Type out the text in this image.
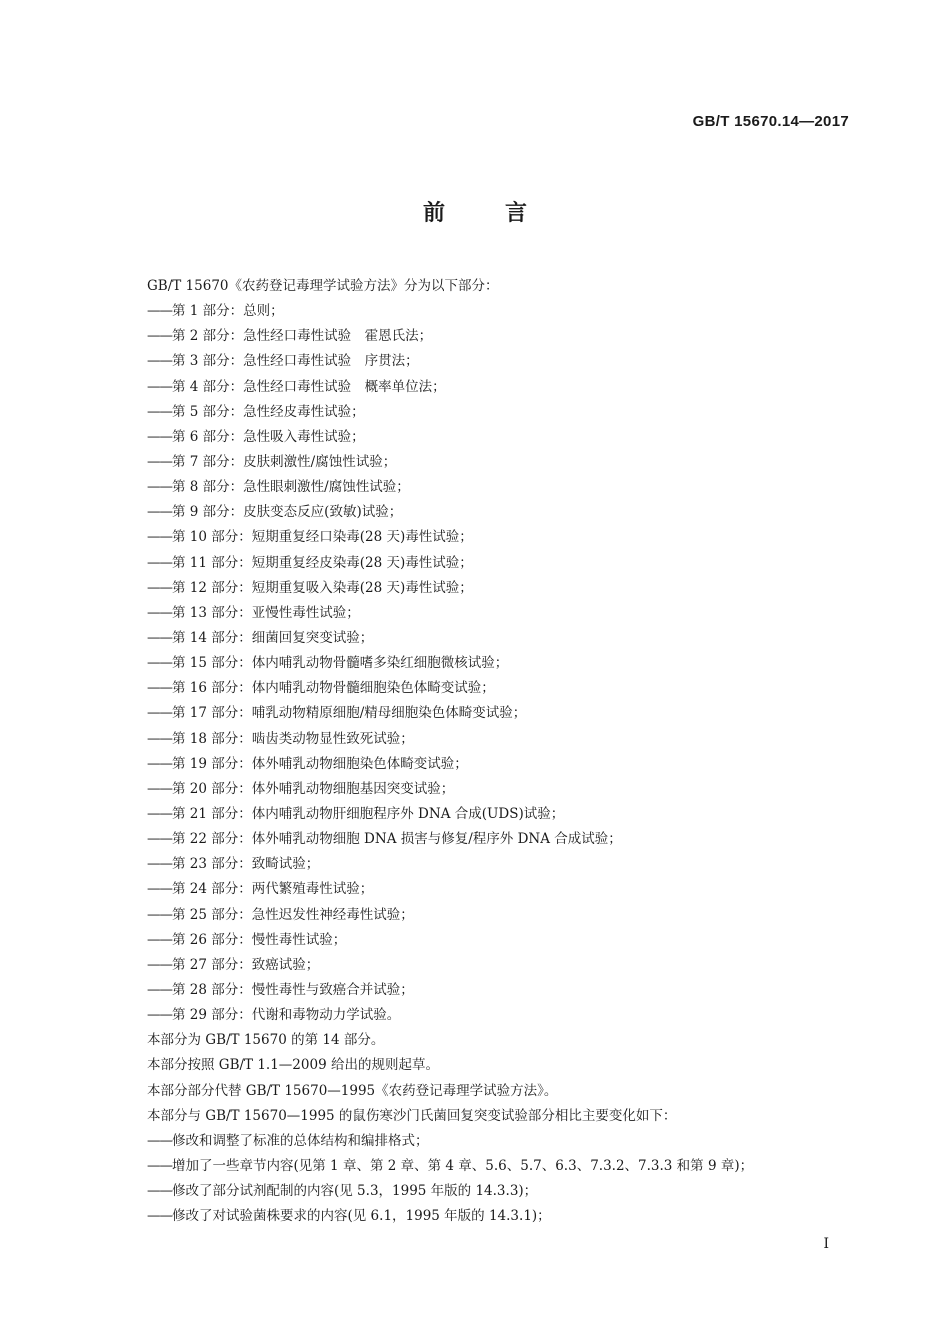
GB/T 15670.14—2017
前	言
GB/T 15670《农药登记毒理学试验方法》分为以下部分：
——第 1 部分：总则；
——第 2 部分：急性经口毒性试验　霍恩氏法；
——第 3 部分：急性经口毒性试验　序贯法；
——第 4 部分：急性经口毒性试验　概率单位法；
——第 5 部分：急性经皮毒性试验；
——第 6 部分：急性吸入毒性试验；
——第 7 部分：皮肤刺激性/腐蚀性试验；
——第 8 部分：急性眼刺激性/腐蚀性试验；
——第 9 部分：皮肤变态反应(致敏)试验；
——第 10 部分：短期重复经口染毒(28 天)毒性试验；
——第 11 部分：短期重复经皮染毒(28 天)毒性试验；
——第 12 部分：短期重复吸入染毒(28 天)毒性试验；
——第 13 部分：亚慢性毒性试验；
——第 14 部分：细菌回复突变试验；
——第 15 部分：体内哺乳动物骨髓嗜多染红细胞微核试验；
——第 16 部分：体内哺乳动物骨髓细胞染色体畸变试验；
——第 17 部分：哺乳动物精原细胞/精母细胞染色体畸变试验；
——第 18 部分：啮齿类动物显性致死试验；
——第 19 部分：体外哺乳动物细胞染色体畸变试验；
——第 20 部分：体外哺乳动物细胞基因突变试验；
——第 21 部分：体内哺乳动物肝细胞程序外 DNA 合成(UDS)试验；
——第 22 部分：体外哺乳动物细胞 DNA 损害与修复/程序外 DNA 合成试验；
——第 23 部分：致畸试验；
——第 24 部分：两代繁殖毒性试验；
——第 25 部分：急性迟发性神经毒性试验；
——第 26 部分：慢性毒性试验；
——第 27 部分：致癌试验；
——第 28 部分：慢性毒性与致癌合并试验；
——第 29 部分：代谢和毒物动力学试验。
本部分为 GB/T 15670 的第 14 部分。
本部分按照 GB/T 1.1—2009 给出的规则起草。
本部分部分代替 GB/T 15670—1995《农药登记毒理学试验方法》。
本部分与 GB/T 15670—1995 的鼠伤寒沙门氏菌回复突变试验部分相比主要变化如下：
——修改和调整了标准的总体结构和编排格式；
——增加了一些章节内容(见第 1 章、第 2 章、第 4 章、5.6、5.7、6.3、7.3.2、7.3.3 和第 9 章)；
——修改了部分试剂配制的内容(见 5.3，1995 年版的 14.3.3)；
——修改了对试验菌株要求的内容(见 6.1，1995 年版的 14.3.1)；
I
